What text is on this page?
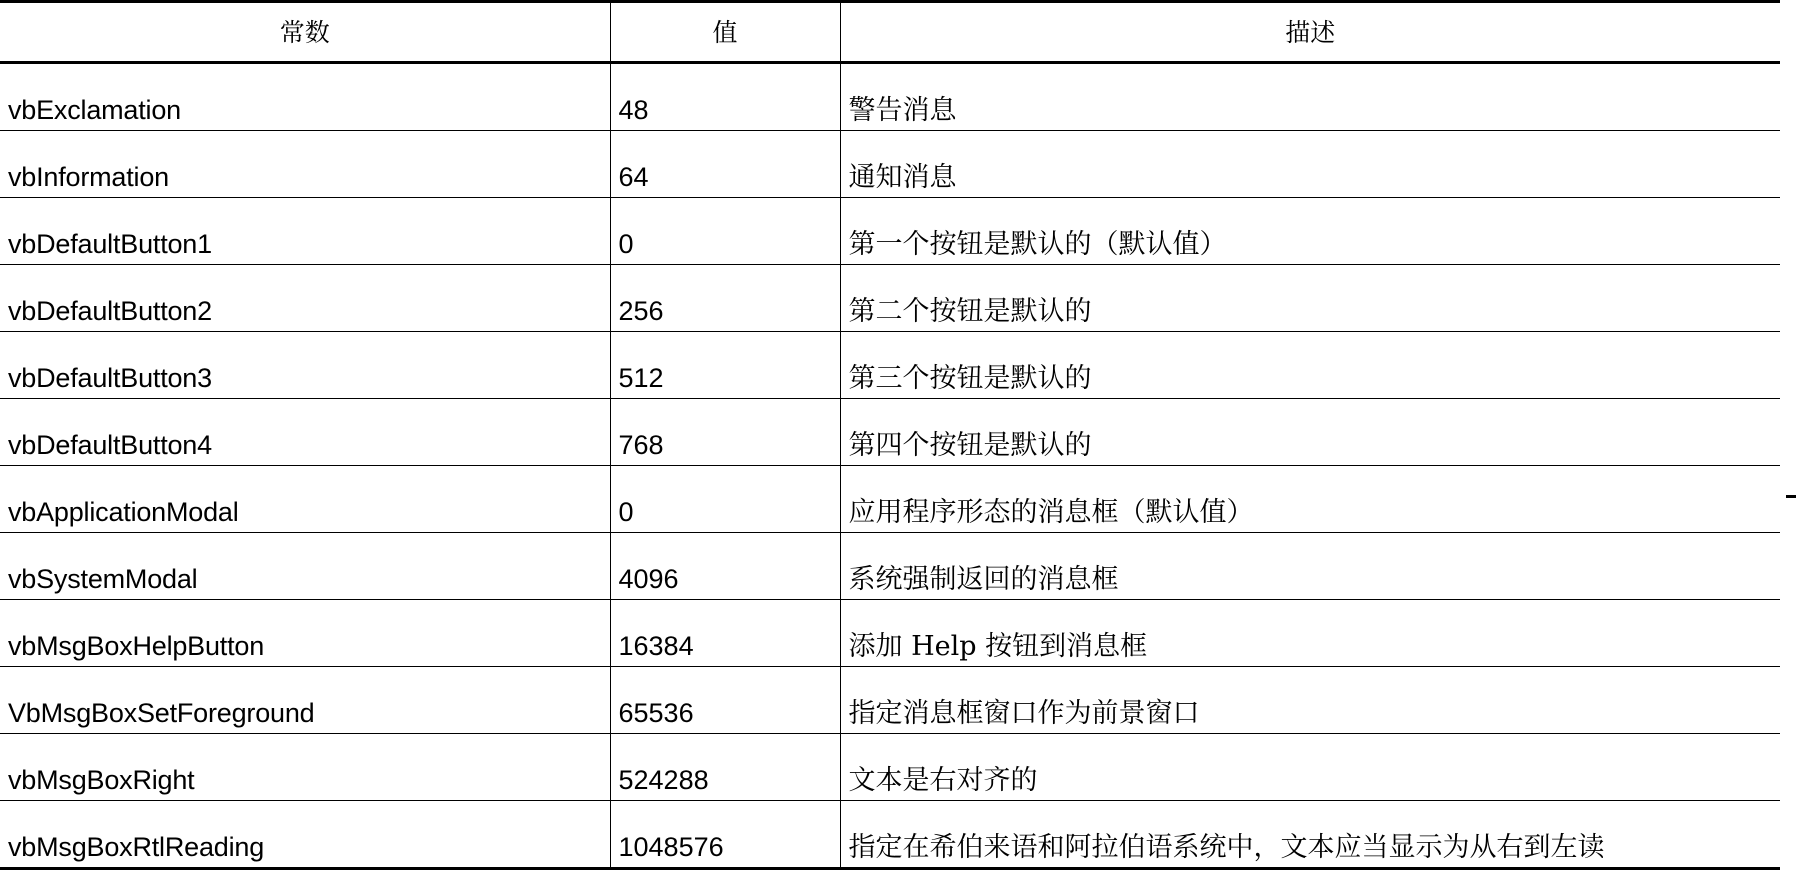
常数	值	描述
vbExclamation	48	警告消息
vbInformation	64	通知消息
vbDefaultButton1	0	第一个按钮是默认的（默认值）
vbDefaultButton2	256	第二个按钮是默认的
vbDefaultButton3	512	第三个按钮是默认的
vbDefaultButton4	768	第四个按钮是默认的
vbApplicationModal	0	应用程序形态的消息框（默认值）
vbSystemModal	4096	系统强制返回的消息框
vbMsgBoxHelpButton	16384	添加 Help 按钮到消息框
VbMsgBoxSetForeground	65536	指定消息框窗口作为前景窗口
vbMsgBoxRight	524288	文本是右对齐的
vbMsgBoxRtlReading	1048576	指定在希伯来语和阿拉伯语系统中，文本应当显示为从右到左读
